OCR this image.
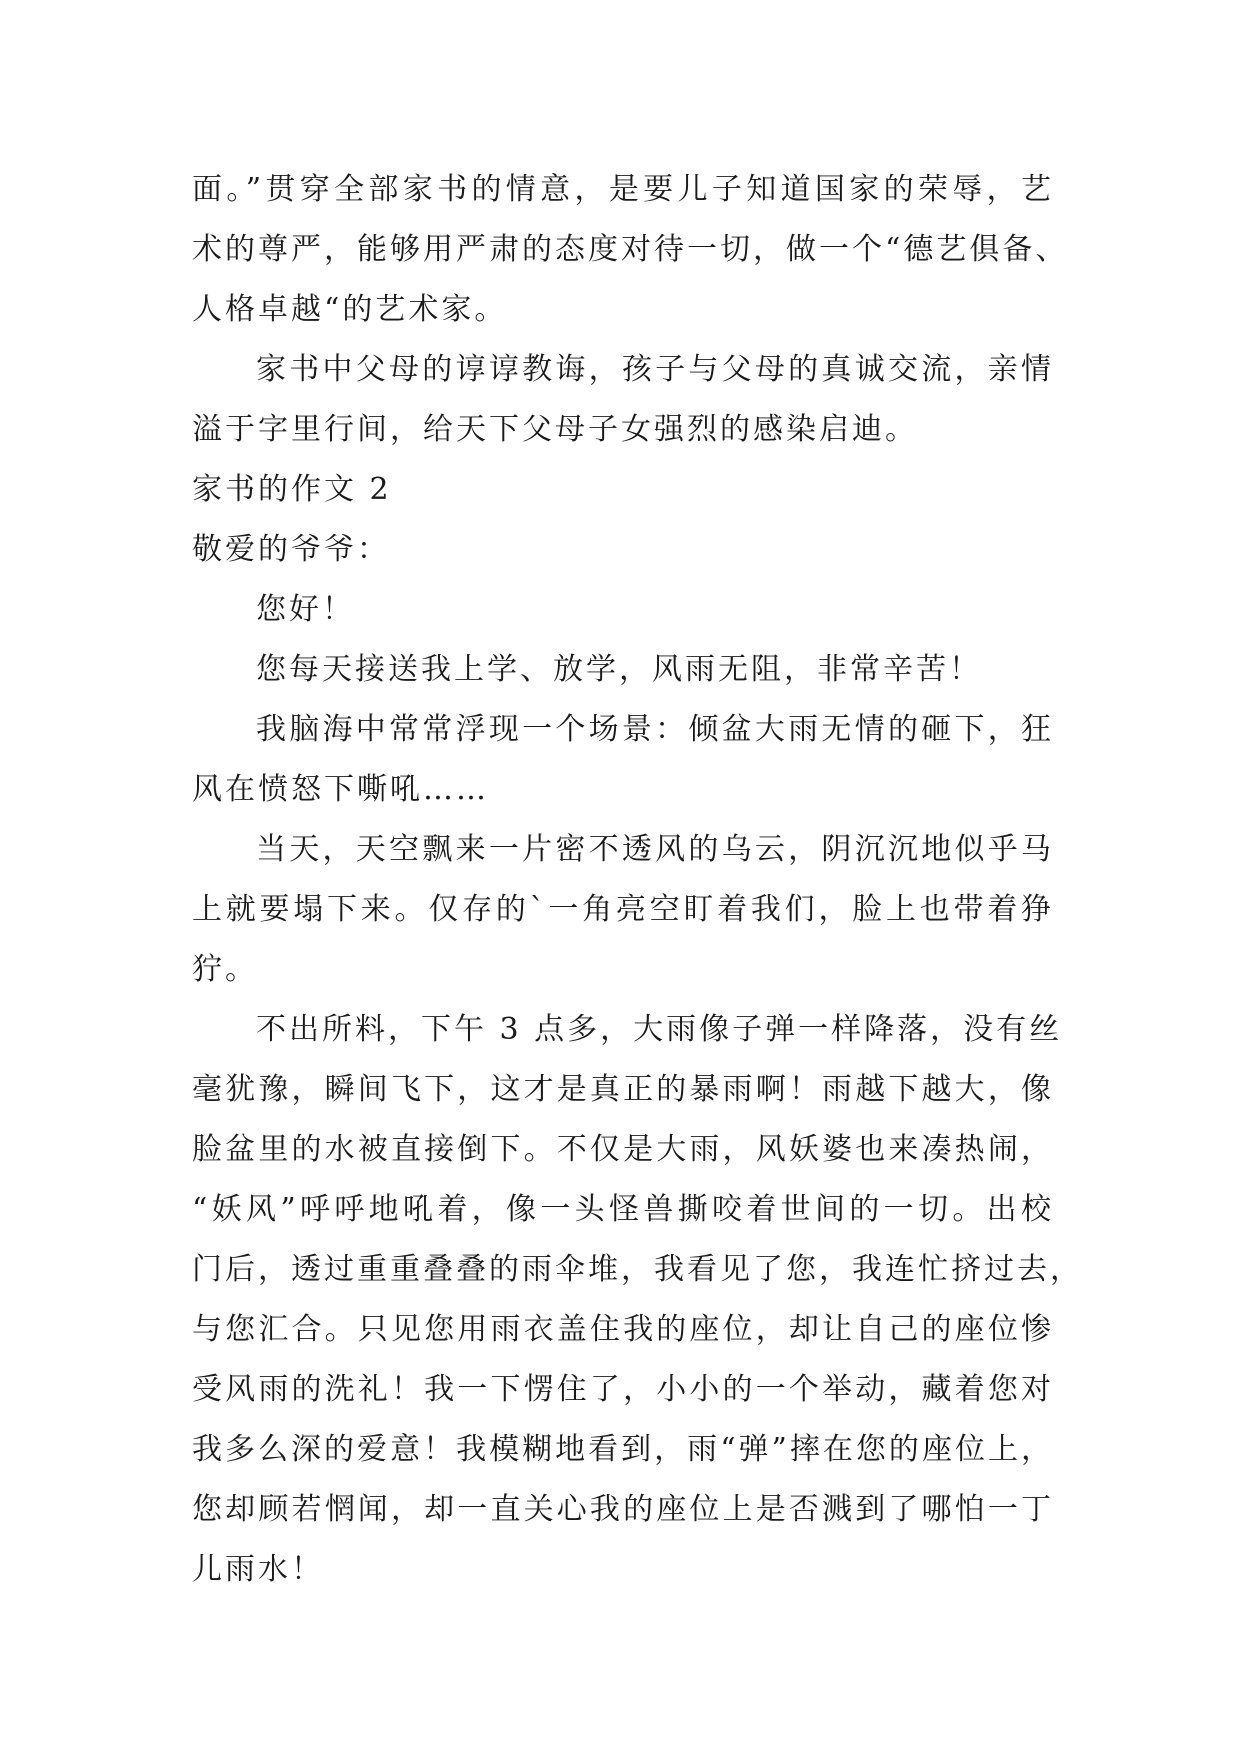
面。”贯穿全部家书的情意，是要儿子知道国家的荣辱，艺
术的尊严，能够用严肃的态度对待一切，做一个“德艺俱备、
人格卓越“的艺术家。
家书中父母的谆谆教诲，孩子与父母的真诚交流，亲情
溢于字里行间，给天下父母子女强烈的感染启迪。
家书的作文 2
敬爱的爷爷：
您好！
您每天接送我上学、放学，风雨无阻，非常辛苦！
我脑海中常常浮现一个场景：倾盆大雨无情的砸下，狂
风在愤怒下嘶吼……
当天，天空飘来一片密不透风的乌云，阴沉沉地似乎马
上就要塌下来。仅存的`一角亮空盯着我们，脸上也带着狰
狞。
不出所料，下午 3 点多，大雨像子弹一样降落，没有丝
毫犹豫，瞬间飞下，这才是真正的暴雨啊！雨越下越大，像
脸盆里的水被直接倒下。不仅是大雨，风妖婆也来凑热闹，
“妖风”呼呼地吼着，像一头怪兽撕咬着世间的一切。出校
门后，透过重重叠叠的雨伞堆，我看见了您，我连忙挤过去，
与您汇合。只见您用雨衣盖住我的座位，却让自己的座位惨
受风雨的洗礼！我一下愣住了，小小的一个举动，藏着您对
我多么深的爱意！我模糊地看到，雨“弹”摔在您的座位上，
您却顾若惘闻，却一直关心我的座位上是否溅到了哪怕一丁
儿雨水！
